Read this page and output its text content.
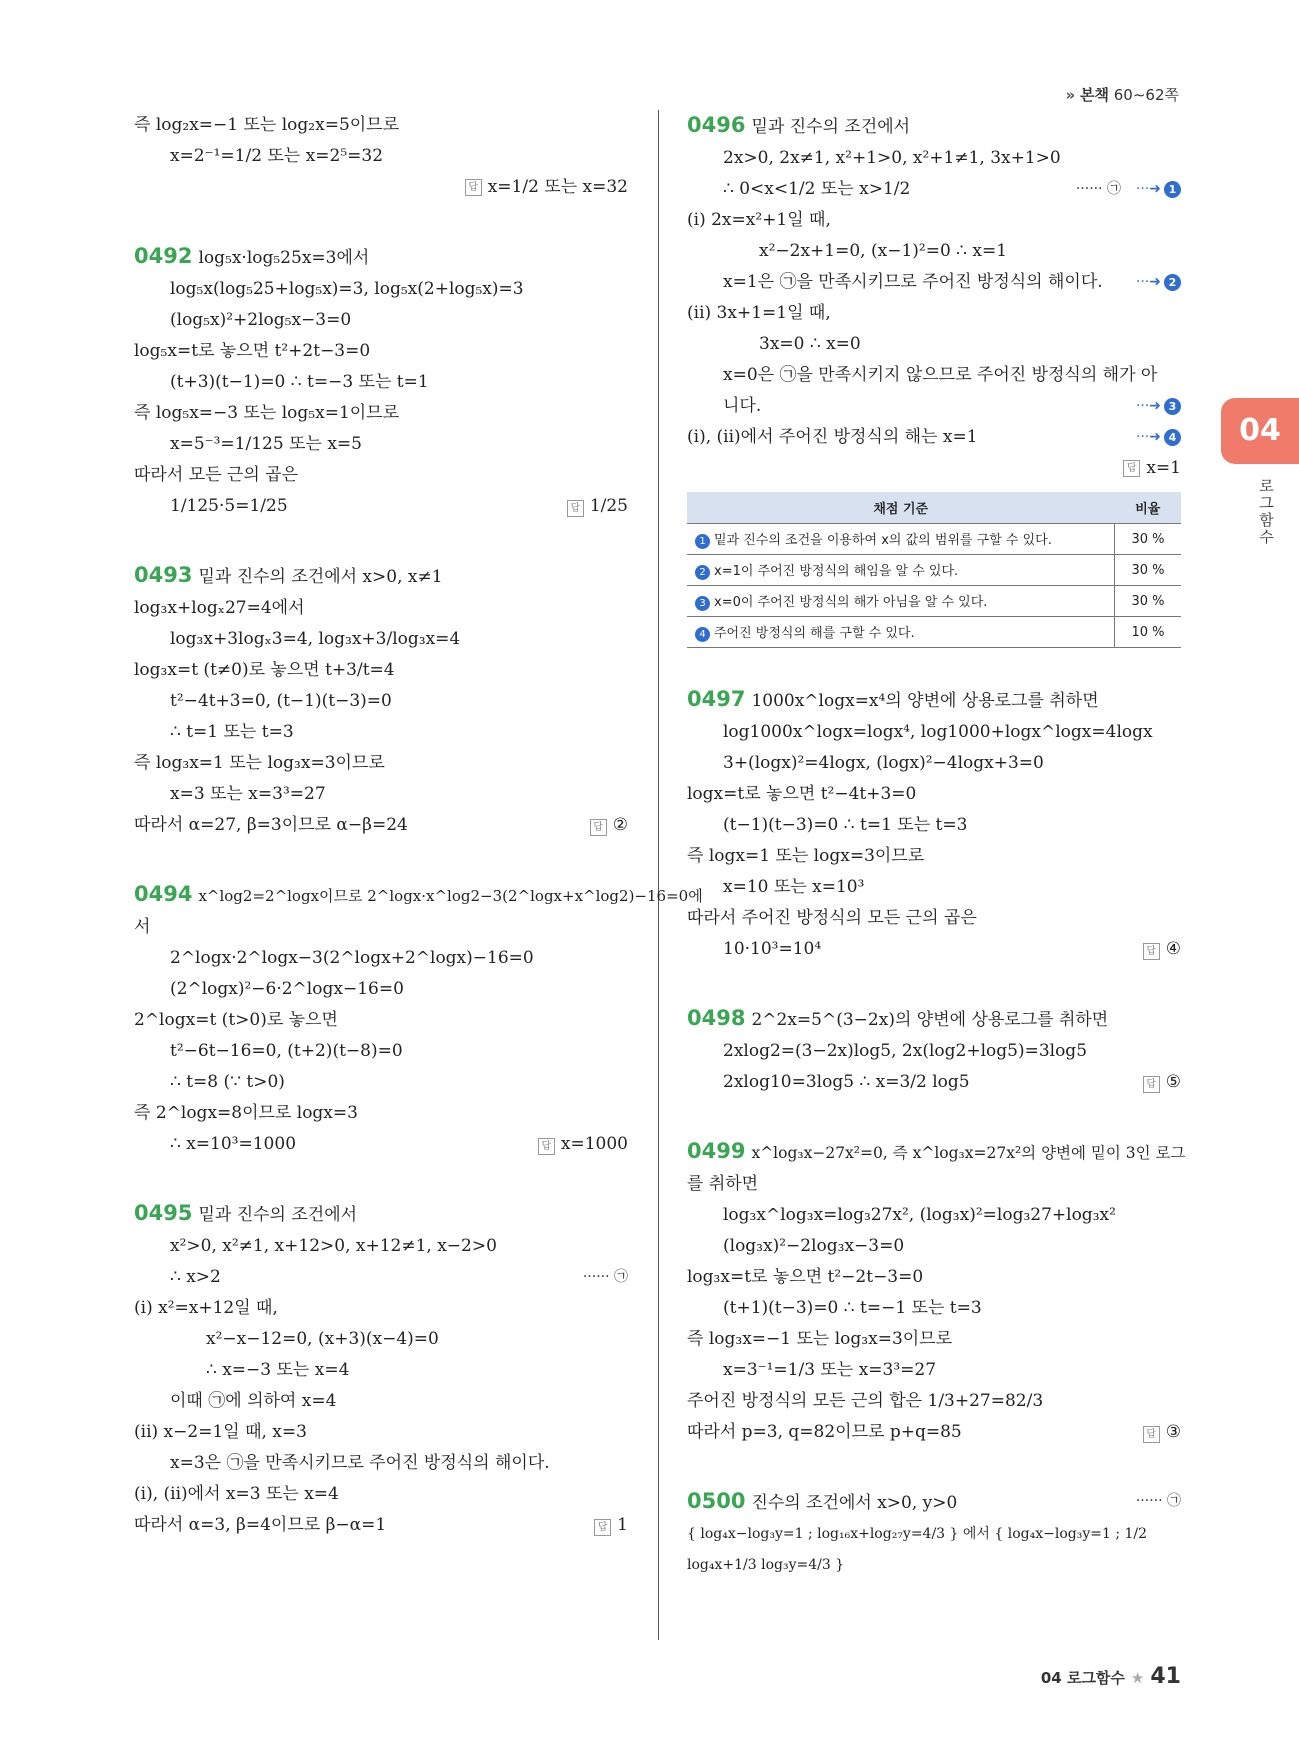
» 본책 60∼62쪽
즉 log₂x=−1 또는 log₂x=5이므로
x=2⁻¹=1/2 또는 x=2⁵=32
답 x=1/2 또는 x=32
0492 log₅x·log₅25x=3에서
log₅x(log₅25+log₅x)=3, log₅x(2+log₅x)=3
(log₅x)²+2log₅x−3=0
log₅x=t로 놓으면 t²+2t−3=0
(t+3)(t−1)=0 ∴ t=−3 또는 t=1
즉 log₅x=−3 또는 log₅x=1이므로
x=5⁻³=1/125 또는 x=5
따라서 모든 근의 곱은
1/125·5=1/25	답 1/25
0493 밑과 진수의 조건에서 x>0, x≠1
log₃x+logₓ27=4에서
log₃x+3logₓ3=4, log₃x+3/log₃x=4
log₃x=t (t≠0)로 놓으면 t+3/t=4
t²−4t+3=0, (t−1)(t−3)=0
∴ t=1 또는 t=3
즉 log₃x=1 또는 log₃x=3이므로
x=3 또는 x=3³=27
따라서 α=27, β=3이므로 α−β=24	답 ②
0494 x^log2=2^logx이므로 2^logx·x^log2−3(2^logx+x^log2)−16=0에
서
2^logx·2^logx−3(2^logx+2^logx)−16=0
(2^logx)²−6·2^logx−16=0
2^logx=t (t>0)로 놓으면
t²−6t−16=0, (t+2)(t−8)=0
∴ t=8 (∵ t>0)
즉 2^logx=8이므로 logx=3
∴ x=10³=1000	답 x=1000
0495 밑과 진수의 조건에서
x²>0, x²≠1, x+12>0, x+12≠1, x−2>0
∴ x>2	······ ㉠
(i) x²=x+12일 때,
x²−x−12=0, (x+3)(x−4)=0
∴ x=−3 또는 x=4
이때 ㉠에 의하여 x=4
(ii) x−2=1일 때, x=3
x=3은 ㉠을 만족시키므로 주어진 방정식의 해이다.
(i), (ii)에서 x=3 또는 x=4
따라서 α=3, β=4이므로 β−α=1	답 1
0496 밑과 진수의 조건에서
2x>0, 2x≠1, x²+1>0, x²+1≠1, 3x+1>0
∴ 0<x<1/2 또는 x>1/2	······ ㉠ ···➜ 1
(i) 2x=x²+1일 때,
x²−2x+1=0, (x−1)²=0 ∴ x=1
x=1은 ㉠을 만족시키므로 주어진 방정식의 해이다. ···➜ 2
(ii) 3x+1=1일 때,
3x=0 ∴ x=0
x=0은 ㉠을 만족시키지 않으므로 주어진 방정식의 해가 아
니다.	···➜ 3
(i), (ii)에서 주어진 방정식의 해는 x=1	···➜ 4
답 x=1
채점 기준	비율
1 밑과 진수의 조건을 이용하여 x의 값의 범위를 구할 수 있다.	30 %
2 x=1이 주어진 방정식의 해임을 알 수 있다.	30 %
3 x=0이 주어진 방정식의 해가 아님을 알 수 있다.	30 %
4 주어진 방정식의 해를 구할 수 있다.	10 %
0497 1000x^logx=x⁴의 양변에 상용로그를 취하면
log1000x^logx=logx⁴, log1000+logx^logx=4logx
3+(logx)²=4logx, (logx)²−4logx+3=0
logx=t로 놓으면 t²−4t+3=0
(t−1)(t−3)=0 ∴ t=1 또는 t=3
즉 logx=1 또는 logx=3이므로
x=10 또는 x=10³
따라서 주어진 방정식의 모든 근의 곱은
10·10³=10⁴	답 ④
0498 2^2x=5^(3−2x)의 양변에 상용로그를 취하면
2xlog2=(3−2x)log5, 2x(log2+log5)=3log5
2xlog10=3log5 ∴ x=3/2 log5	답 ⑤
0499 x^log₃x−27x²=0, 즉 x^log₃x=27x²의 양변에 밑이 3인 로그
를 취하면
log₃x^log₃x=log₃27x², (log₃x)²=log₃27+log₃x²
(log₃x)²−2log₃x−3=0
log₃x=t로 놓으면 t²−2t−3=0
(t+1)(t−3)=0 ∴ t=−1 또는 t=3
즉 log₃x=−1 또는 log₃x=3이므로
x=3⁻¹=1/3 또는 x=3³=27
주어진 방정식의 모든 근의 합은 1/3+27=82/3
따라서 p=3, q=82이므로 p+q=85	답 ③
0500 진수의 조건에서 x>0, y>0	······ ㉠
{ log₄x−log₃y=1 ; log₁₆x+log₂₇y=4/3 } 에서 { log₄x−log₃y=1 ; 1/2 log₄x+1/3 log₃y=4/3 }
04
로그함수
04 로그함수 ★ 41
